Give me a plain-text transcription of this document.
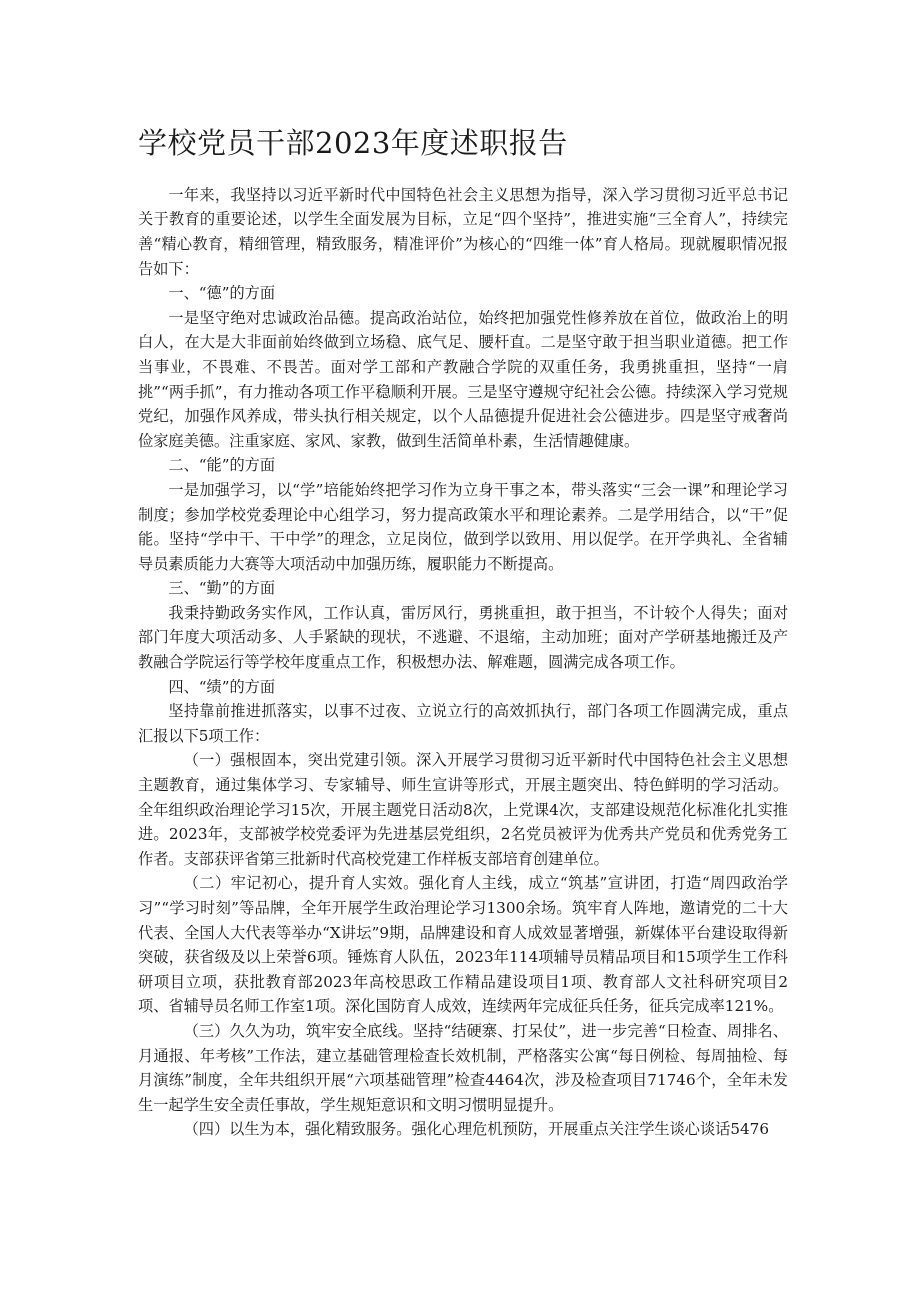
学校党员干部2023年度述职报告

一年来，我坚持以习近平新时代中国特色社会主义思想为指导，深入学习贯彻习近平总书记关于教育的重要论述，以学生全面发展为目标，立足“四个坚持”，推进实施“三全育人”，持续完善“精心教育，精细管理，精致服务，精准评价”为核心的“四维一体”育人格局。现就履职情况报告如下：

一、“德”的方面

一是坚守绝对忠诚政治品德。提高政治站位，始终把加强党性修养放在首位，做政治上的明白人，在大是大非面前始终做到立场稳、底气足、腰杆直。二是坚守敢于担当职业道德。把工作当事业，不畏难、不畏苦。面对学工部和产教融合学院的双重任务，我勇挑重担，坚持“一肩挑”“两手抓”，有力推动各项工作平稳顺利开展。三是坚守遵规守纪社会公德。持续深入学习党规党纪，加强作风养成，带头执行相关规定，以个人品德提升促进社会公德进步。四是坚守戒奢尚俭家庭美德。注重家庭、家风、家教，做到生活简单朴素，生活情趣健康。

二、“能”的方面

一是加强学习，以“学”培能始终把学习作为立身干事之本，带头落实“三会一课”和理论学习制度；参加学校党委理论中心组学习，努力提高政策水平和理论素养。二是学用结合，以“干”促能。坚持“学中干、干中学”的理念，立足岗位，做到学以致用、用以促学。在开学典礼、全省辅导员素质能力大赛等大项活动中加强历练，履职能力不断提高。

三、“勤”的方面

我秉持勤政务实作风，工作认真，雷厉风行，勇挑重担，敢于担当，不计较个人得失；面对部门年度大项活动多、人手紧缺的现状，不逃避、不退缩，主动加班；面对产学研基地搬迁及产教融合学院运行等学校年度重点工作，积极想办法、解难题，圆满完成各项工作。

四、“绩”的方面

坚持靠前推进抓落实，以事不过夜、立说立行的高效抓执行，部门各项工作圆满完成，重点汇报以下5项工作：

（一）强根固本，突出党建引领。深入开展学习贯彻习近平新时代中国特色社会主义思想主题教育，通过集体学习、专家辅导、师生宣讲等形式，开展主题突出、特色鲜明的学习活动。全年组织政治理论学习15次，开展主题党日活动8次，上党课4次，支部建设规范化标准化扎实推进。2023年，支部被学校党委评为先进基层党组织，2名党员被评为优秀共产党员和优秀党务工作者。支部获评省第三批新时代高校党建工作样板支部培育创建单位。

（二）牢记初心，提升育人实效。强化育人主线，成立“筑基”宣讲团，打造“周四政治学习”“学习时刻”等品牌，全年开展学生政治理论学习1300余场。筑牢育人阵地，邀请党的二十大代表、全国人大代表等举办“X讲坛”9期，品牌建设和育人成效显著增强，新媒体平台建设取得新突破，获省级及以上荣誉6项。锤炼育人队伍，2023年114项辅导员精品项目和15项学生工作科研项目立项，获批教育部2023年高校思政工作精品建设项目1项、教育部人文社科研究项目2项、省辅导员名师工作室1项。深化国防育人成效，连续两年完成征兵任务，征兵完成率121%。

（三）久久为功，筑牢安全底线。坚持“结硬寨、打呆仗”，进一步完善“日检查、周排名、月通报、年考核”工作法，建立基础管理检查长效机制，严格落实公寓“每日例检、每周抽检、每月演练”制度，全年共组织开展“六项基础管理”检查4464次，涉及检查项目71746个，全年未发生一起学生安全责任事故，学生规矩意识和文明习惯明显提升。

（四）以生为本，强化精致服务。强化心理危机预防，开展重点关注学生谈心谈话5476
